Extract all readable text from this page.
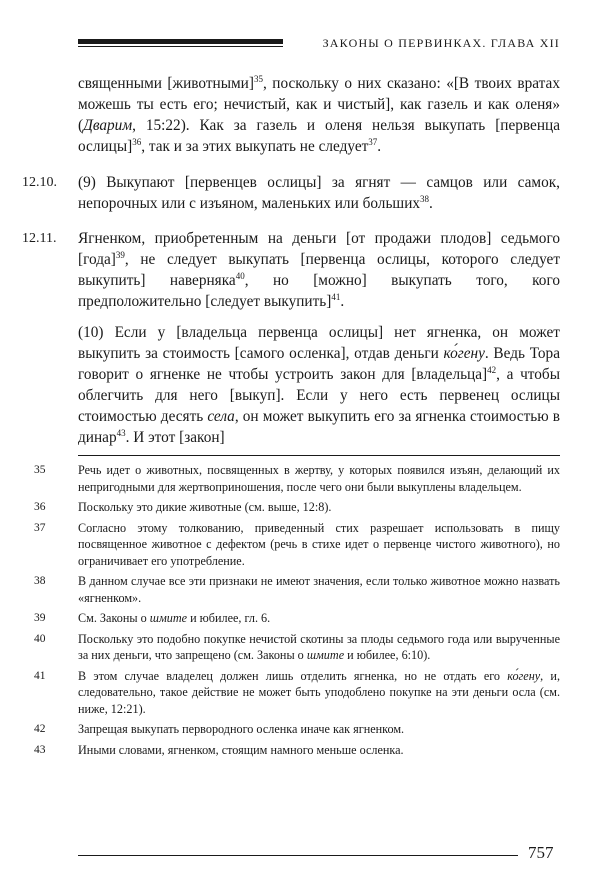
ЗАКОНЫ О ПЕРВИНКАХ. ГЛАВА XII

священными [животными]$^{35}$, поскольку о них сказано: «[В твоих вратах можешь ты есть его; нечистый, как и чистый], как газель и как оленя» (Дварим, 15:22). Как за газель и оленя нельзя выкупать [первенца ослицы]$^{36}$, так и за этих выкупать не следует$^{37}$.

12.10. (9) Выкупают [первенцев ослицы] за ягнят — самцов или самок, непорочных или с изъяном, маленьких или больших$^{38}$.

12.11. Ягненком, приобретенным на деньги [от продажи плодов] седьмого [года]$^{39}$, не следует выкупать [первенца ослицы, которого следует выкупить] наверняка$^{40}$, но [можно] выкупать того, кого предположительно [следует выкупить]$^{41}$.

(10) Если у [владельца первенца ослицы] нет ягненка, он может выкупить за стоимость [самого осленка], отдав деньги ко́гену. Ведь Тора говорит о ягненке не чтобы устроить закон для [владельца]$^{42}$, а чтобы облегчить для него [выкуп]. Если у него есть первенец ослицы стоимостью десять села, он может выкупить его за ягненка стоимостью в динар$^{43}$. И этот [закон]

35	Речь идет о животных, посвященных в жертву, у которых появился изъян, делающий их непригодными для жертвоприношения, после чего они были выкуплены владельцем.
36	Поскольку это дикие животные (см. выше, 12:8).
37	Согласно этому толкованию, приведенный стих разрешает использовать в пищу посвященное животное с дефектом (речь в стихе идет о первенце чистого животного), но ограничивает его употребление.
38	В данном случае все эти признаки не имеют значения, если только животное можно назвать «ягненком».
39	См. Законы о шмите и юбилее, гл. 6.
40	Поскольку это подобно покупке нечистой скотины за плоды седьмого года или вырученные за них деньги, что запрещено (см. Законы о шмите и юбилее, 6:10).
41	В этом случае владелец должен лишь отделить ягненка, но не отдать его ко́гену, и, следовательно, такое действие не может быть уподоблено покупке на эти деньги осла (см. ниже, 12:21).
42	Запрещая выкупать первородного осленка иначе как ягненком.
43	Иными словами, ягненком, стоящим намного меньше осленка.
757
